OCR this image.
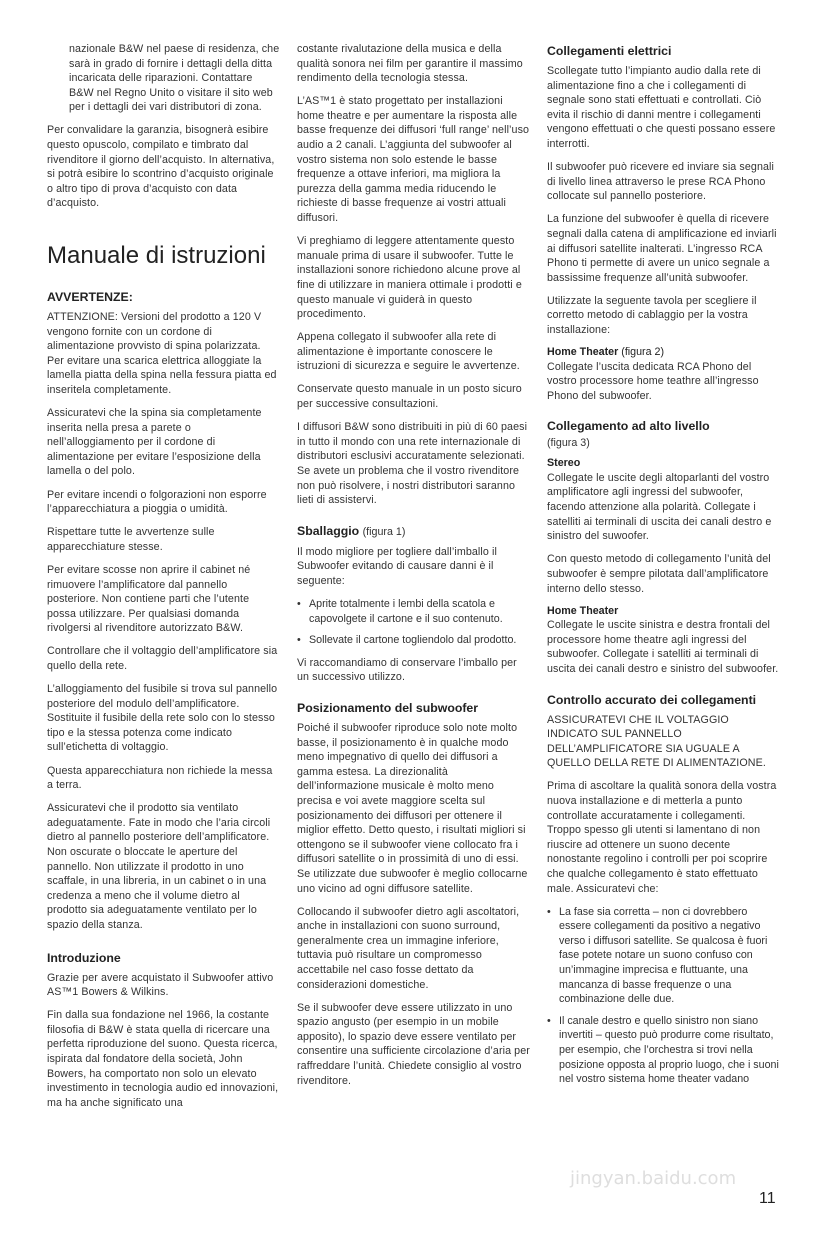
nazionale B&W nel paese di residenza, che sarà in grado di fornire i dettagli della ditta incaricata delle riparazioni. Contattare B&W nel Regno Unito o visitare il sito web per i dettagli dei vari distributori di zona.

Per convalidare la garanzia, bisognerà esibire questo opuscolo, compilato e timbrato dal rivenditore il giorno dell’acquisto. In alternativa, si potrà esibire lo scontrino d’acquisto originale o altro tipo di prova d’acquisto con data d’acquisto.

Manuale di istruzioni
AVVERTENZE:

ATTENZIONE: Versioni del prodotto a 120 V vengono fornite con un cordone di alimentazione provvisto di spina polarizzata. Per evitare una scarica elettrica alloggiate la lamella piatta della spina nella fessura piatta ed inseritela completamente.

Assicuratevi che la spina sia completamente inserita nella presa a parete o nell’alloggiamento per il cordone di alimentazione per evitare l’esposizione della lamella o del polo.

Per evitare incendi o folgorazioni non esporre l’apparecchiatura a pioggia o umidità.

Rispettare tutte le avvertenze sulle apparecchiature stesse.

Per evitare scosse non aprire il cabinet né rimuovere l’amplificatore dal pannello posteriore. Non contiene parti che l’utente possa utilizzare. Per qualsiasi domanda rivolgersi al rivenditore autorizzato B&W.

Controllare che il voltaggio dell’amplificatore sia quello della rete.

L’alloggiamento del fusibile si trova sul pannello posteriore del modulo dell’amplificatore. Sostituite il fusibile della rete solo con lo stesso tipo e la stessa potenza come indicato sull’etichetta di voltaggio.

Questa apparecchiatura non richiede la messa a terra.

Assicuratevi che il prodotto sia ventilato adeguatamente. Fate in modo che l’aria circoli dietro al pannello posteriore dell’amplificatore. Non oscurate o bloccate le aperture del pannello. Non utilizzate il prodotto in uno scaffale, in una libreria, in un cabinet o in una credenza a meno che il volume dietro al prodotto sia adeguatamente ventilato per lo spazio della stanza.

Introduzione

Grazie per avere acquistato il Subwoofer attivo AS™1 Bowers & Wilkins.

Fin dalla sua fondazione nel 1966, la costante filosofia di B&W è stata quella di ricercare una perfetta riproduzione del suono. Questa ricerca, ispirata dal fondatore della società, John Bowers, ha comportato non solo un elevato investimento in tecnologia audio ed innovazioni, ma ha anche significato una

costante rivalutazione della musica e della qualità sonora nei film per garantire il massimo rendimento della tecnologia stessa.

L’AS™1 è stato progettato per installazioni home theatre e per aumentare la risposta alle basse frequenze dei diffusori ‘full range’ nell’uso audio a 2 canali. L’aggiunta del subwoofer al vostro sistema non solo estende le basse frequenze a ottave inferiori, ma migliora la purezza della gamma media riducendo le richieste di basse frequenze ai vostri attuali diffusori.

Vi preghiamo di leggere attentamente questo manuale prima di usare il subwoofer. Tutte le installazioni sonore richiedono alcune prove al fine di utilizzare in maniera ottimale i prodotti e questo manuale vi guiderà in questo procedimento.

Appena collegato il subwoofer alla rete di alimentazione è importante conoscere le istruzioni di sicurezza e seguire le avvertenze.

Conservate questo manuale in un posto sicuro per successive consultazioni.

I diffusori B&W sono distribuiti in più di 60 paesi in tutto il mondo con una rete internazionale di distributori esclusivi accuratamente selezionati. Se avete un problema che il vostro rivenditore non può risolvere, i nostri distributori saranno lieti di assistervi.

Sballaggio (figura 1)

Il modo migliore per togliere dall’imballo il Subwoofer evitando di causare danni è il seguente:

• Aprite totalmente i lembi della scatola e capovolgete il cartone e il suo contenuto.
• Sollevate il cartone togliendolo dal prodotto.

Vi raccomandiamo di conservare l’imballo per un successivo utilizzo.

Posizionamento del subwoofer

Poiché il subwoofer riproduce solo note molto basse, il posizionamento è in qualche modo meno impegnativo di quello dei diffusori a gamma estesa. La direzionalità dell’informazione musicale è molto meno precisa e voi avete maggiore scelta sul posizionamento dei diffusori per ottenere il miglior effetto. Detto questo, i risultati migliori si ottengono se il subwoofer viene collocato fra i diffusori satellite o in prossimità di uno di essi. Se utilizzate due subwoofer è meglio collocarne uno vicino ad ogni diffusore satellite.

Collocando il subwoofer dietro agli ascoltatori, anche in installazioni con suono surround, generalmente crea un immagine inferiore, tuttavia può risultare un compromesso accettabile nel caso fosse dettato da considerazioni domestiche.

Se il subwoofer deve essere utilizzato in uno spazio angusto (per esempio in un mobile apposito), lo spazio deve essere ventilato per consentire una sufficiente circolazione d’aria per raffreddare l’unità. Chiedete consiglio al vostro rivenditore.

Collegamenti elettrici

Scollegate tutto l’impianto audio dalla rete di alimentazione fino a che i collegamenti di segnale sono stati effettuati e controllati. Ciò evita il rischio di danni mentre i collegamenti vengono effettuati o che questi possano essere interrotti.

Il subwoofer può ricevere ed inviare sia segnali di livello linea attraverso le prese RCA Phono collocate sul pannello posteriore.

La funzione del subwoofer è quella di ricevere segnali dalla catena di amplificazione ed inviarli ai diffusori satellite inalterati. L’ingresso RCA Phono ti permette di avere un unico segnale a bassissime frequenze all’unità subwoofer.

Utilizzate la seguente tavola per scegliere il corretto metodo di cablaggio per la vostra installazione:

Home Theater (figura 2)

Collegate l’uscita dedicata RCA Phono del vostro processore home teathre all’ingresso Phono del subwoofer.

Collegamento ad alto livello
(figura 3)
Stereo

Collegate le uscite degli altoparlanti del vostro amplificatore agli ingressi del subwoofer, facendo attenzione alla polarità. Collegate i satelliti ai terminali di uscita dei canali destro e sinistro del suwoofer.

Con questo metodo di collegamento l’unità del subwoofer è sempre pilotata dall’amplificatore interno dello stesso.

Home Theater

Collegate le uscite sinistra e destra frontali del processore home theatre agli ingressi del subwoofer. Collegate i satelliti ai terminali di uscita dei canali destro e sinistro del subwoofer.

Controllo accurato dei collegamenti

ASSICURATEVI CHE IL VOLTAGGIO INDICATO SUL PANNELLO DELL’AMPLIFICATORE SIA UGUALE A QUELLO DELLA RETE DI ALIMENTAZIONE.

Prima di ascoltare la qualità sonora della vostra nuova installazione e di metterla a punto controllate accuratamente i collegamenti. Troppo spesso gli utenti si lamentano di non riuscire ad ottenere un suono decente nonostante regolino i controlli per poi scoprire che qualche collegamento è stato effettuato male. Assicuratevi che:

• La fase sia corretta – non ci dovrebbero essere collegamenti da positivo a negativo verso i diffusori satellite. Se qualcosa è fuori fase potete notare un suono confuso con un’immagine imprecisa e fluttuante, una mancanza di basse frequenze o una combinazione delle due.
• Il canale destro e quello sinistro non siano invertiti – questo può produrre come risultato, per esempio, che l’orchestra si trovi nella posizione opposta al proprio luogo, che i suoni nel vostro sistema home theater vadano
jingyan.baidu.com
11
